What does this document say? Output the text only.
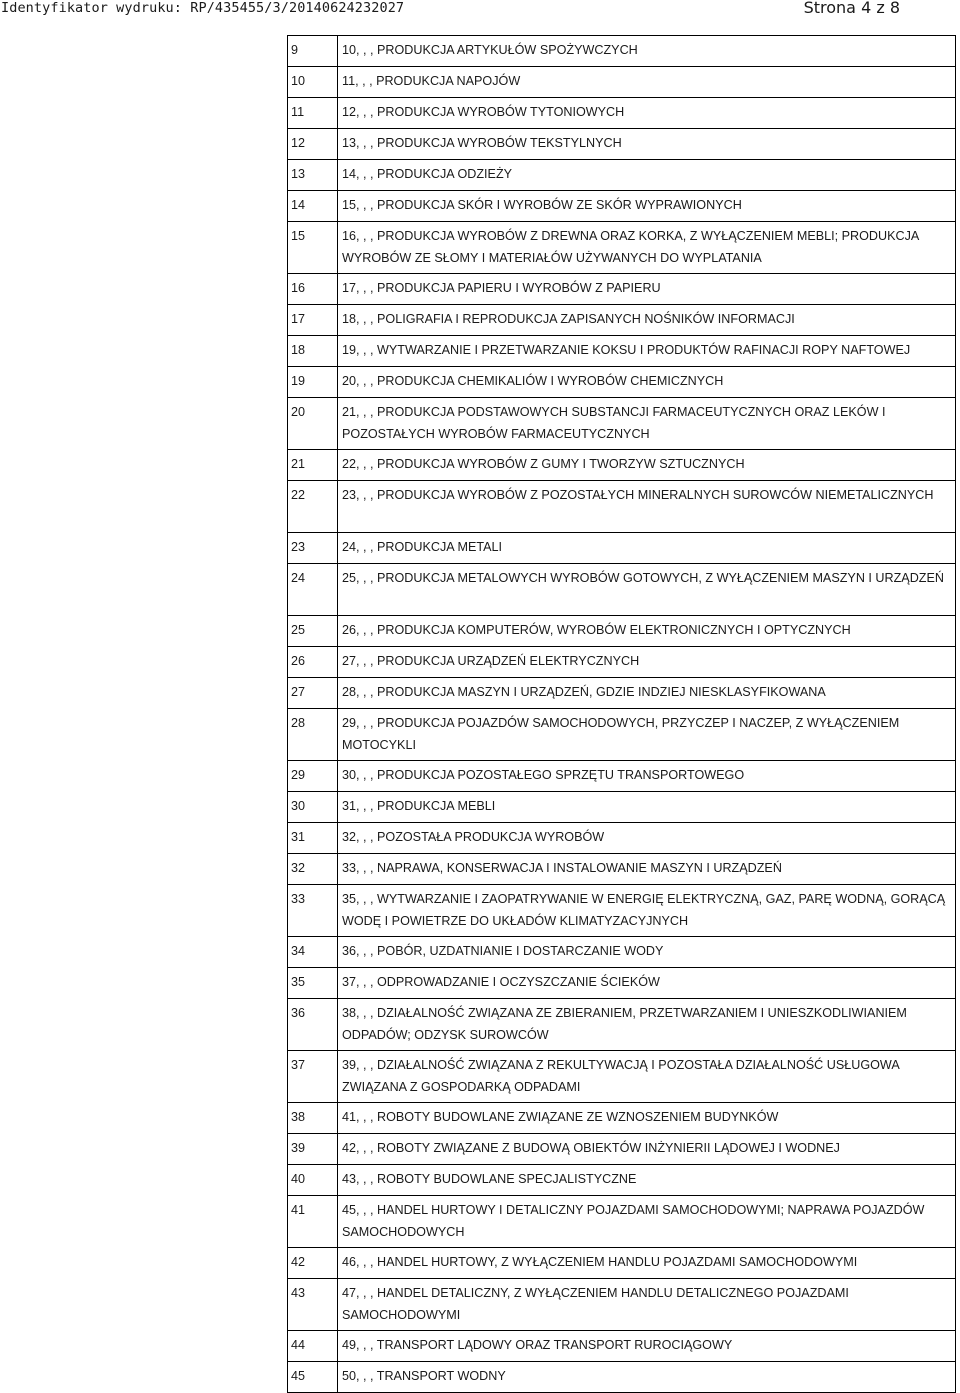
Identyfikator wydruku: RP/435455/3/20140624232027	Strona 4 z 8
9	10, , , PRODUKCJA ARTYKUŁÓW SPOŻYWCZYCH
10	11, , , PRODUKCJA NAPOJÓW
11	12, , , PRODUKCJA WYROBÓW TYTONIOWYCH
12	13, , , PRODUKCJA WYROBÓW TEKSTYLNYCH
13	14, , , PRODUKCJA ODZIEŻY
14	15, , , PRODUKCJA SKÓR I WYROBÓW ZE SKÓR WYPRAWIONYCH
15	16, , , PRODUKCJA WYROBÓW Z DREWNA ORAZ KORKA, Z WYŁĄCZENIEM MEBLI; PRODUKCJA WYROBÓW ZE SŁOMY I MATERIAŁÓW UŻYWANYCH DO WYPLATANIA
16	17, , , PRODUKCJA PAPIERU I WYROBÓW Z PAPIERU
17	18, , , POLIGRAFIA I REPRODUKCJA ZAPISANYCH NOŚNIKÓW INFORMACJI
18	19, , , WYTWARZANIE I PRZETWARZANIE KOKSU I PRODUKTÓW RAFINACJI ROPY NAFTOWEJ
19	20, , , PRODUKCJA CHEMIKALIÓW I WYROBÓW CHEMICZNYCH
20	21, , , PRODUKCJA PODSTAWOWYCH SUBSTANCJI FARMACEUTYCZNYCH ORAZ LEKÓW I POZOSTAŁYCH WYROBÓW FARMACEUTYCZNYCH
21	22, , , PRODUKCJA WYROBÓW Z GUMY I TWORZYW SZTUCZNYCH
22	23, , , PRODUKCJA WYROBÓW Z POZOSTAŁYCH MINERALNYCH SUROWCÓW NIEMETALICZNYCH
23	24, , , PRODUKCJA METALI
24	25, , , PRODUKCJA METALOWYCH WYROBÓW GOTOWYCH, Z WYŁĄCZENIEM MASZYN I URZĄDZEŃ
25	26, , , PRODUKCJA KOMPUTERÓW, WYROBÓW ELEKTRONICZNYCH I OPTYCZNYCH
26	27, , , PRODUKCJA URZĄDZEŃ ELEKTRYCZNYCH
27	28, , , PRODUKCJA MASZYN I URZĄDZEŃ, GDZIE INDZIEJ NIESKLASYFIKOWANA
28	29, , , PRODUKCJA POJAZDÓW SAMOCHODOWYCH, PRZYCZEP I NACZEP, Z WYŁĄCZENIEM MOTOCYKLI
29	30, , , PRODUKCJA POZOSTAŁEGO SPRZĘTU TRANSPORTOWEGO
30	31, , , PRODUKCJA MEBLI
31	32, , , POZOSTAŁA PRODUKCJA WYROBÓW
32	33, , , NAPRAWA, KONSERWACJA I INSTALOWANIE MASZYN I URZĄDZEŃ
33	35, , , WYTWARZANIE I ZAOPATRYWANIE W ENERGIĘ ELEKTRYCZNĄ, GAZ, PARĘ WODNĄ, GORĄCĄ WODĘ I POWIETRZE DO UKŁADÓW KLIMATYZACYJNYCH
34	36, , , POBÓR, UZDATNIANIE I DOSTARCZANIE WODY
35	37, , , ODPROWADZANIE I OCZYSZCZANIE ŚCIEKÓW
36	38, , , DZIAŁALNOŚĆ ZWIĄZANA ZE ZBIERANIEM, PRZETWARZANIEM I UNIESZKODLIWIANIEM ODPADÓW; ODZYSK SUROWCÓW
37	39, , , DZIAŁALNOŚĆ ZWIĄZANA Z REKULTYWACJĄ I POZOSTAŁA DZIAŁALNOŚĆ USŁUGOWA ZWIĄZANA Z GOSPODARKĄ ODPADAMI
38	41, , , ROBOTY BUDOWLANE ZWIĄZANE ZE WZNOSZENIEM BUDYNKÓW
39	42, , , ROBOTY ZWIĄZANE Z BUDOWĄ OBIEKTÓW INŻYNIERII LĄDOWEJ I WODNEJ
40	43, , , ROBOTY BUDOWLANE SPECJALISTYCZNE
41	45, , , HANDEL HURTOWY I DETALICZNY POJAZDAMI SAMOCHODOWYMI; NAPRAWA POJAZDÓW SAMOCHODOWYCH
42	46, , , HANDEL HURTOWY, Z WYŁĄCZENIEM HANDLU POJAZDAMI SAMOCHODOWYMI
43	47, , , HANDEL DETALICZNY, Z WYŁĄCZENIEM HANDLU DETALICZNEGO POJAZDAMI SAMOCHODOWYMI
44	49, , , TRANSPORT LĄDOWY ORAZ TRANSPORT RUROCIĄGOWY
45	50, , , TRANSPORT WODNY
